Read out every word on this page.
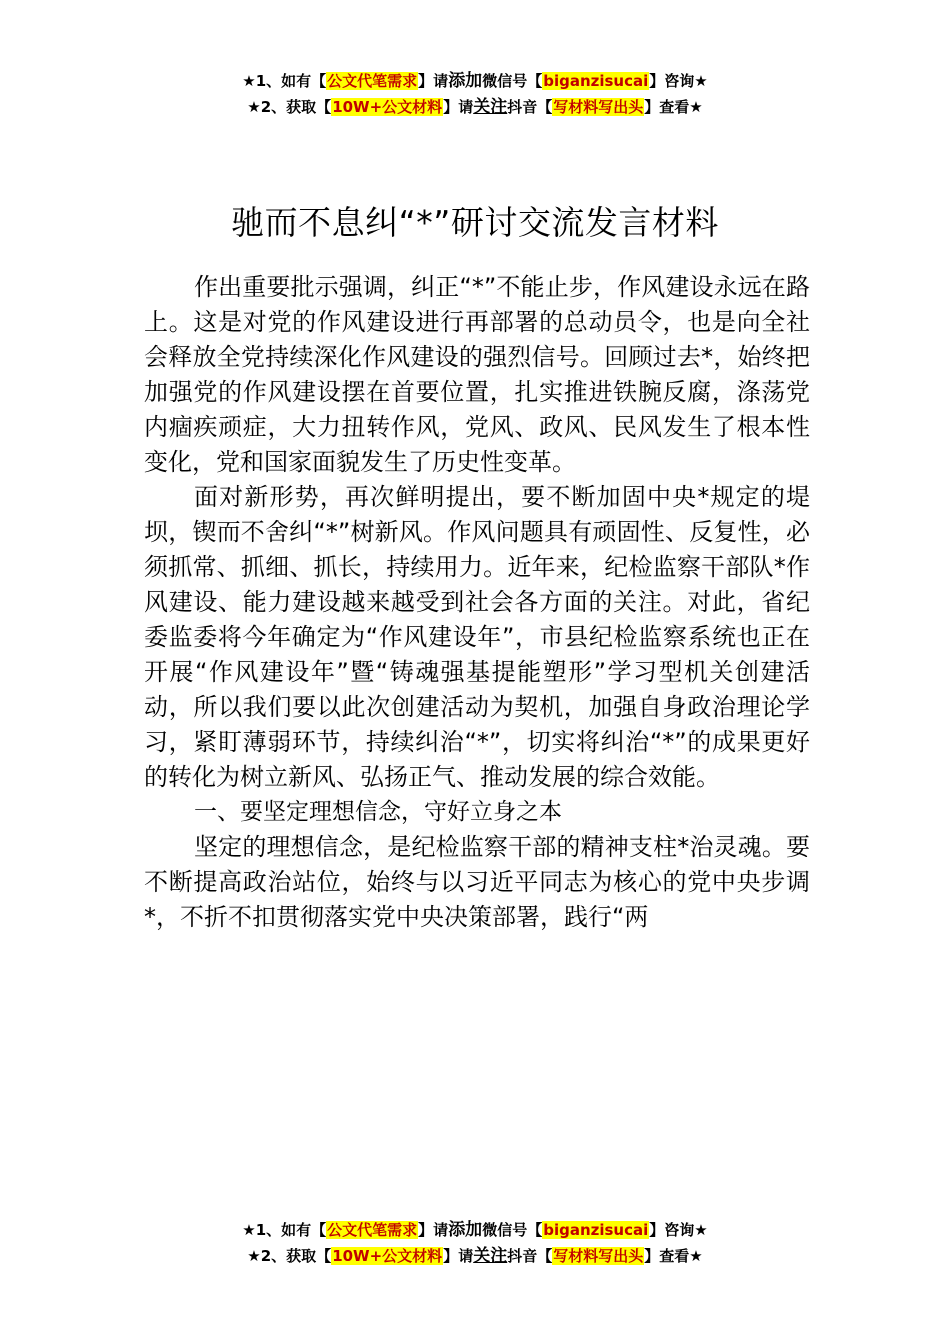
★1、如有【公文代笔需求】请添加微信号【biganzisucai】咨询★
★2、获取【10W+公文材料】请关注抖音【写材料写出头】查看★
驰而不息纠“*”研讨交流发言材料

作出重要批示强调，纠正“*”不能止步，作风建设永远在路上。这是对党的作风建设进行再部署的总动员令，也是向全社会释放全党持续深化作风建设的强烈信号。回顾过去*，始终把加强党的作风建设摆在首要位置，扎实推进铁腕反腐，涤荡党内痼疾顽症，大力扭转作风，党风、政风、民风发生了根本性变化，党和国家面貌发生了历史性变革。

面对新形势，再次鲜明提出，要不断加固中央*规定的堤坝，锲而不舍纠“*”树新风。作风问题具有顽固性、反复性，必须抓常、抓细、抓长，持续用力。近年来，纪检监察干部队*作风建设、能力建设越来越受到社会各方面的关注。对此，省纪委监委将今年确定为“作风建设年”，市县纪检监察系统也正在开展“作风建设年”暨“铸魂强基提能塑形”学习型机关创建活动，所以我们要以此次创建活动为契机，加强自身政治理论学习，紧盯薄弱环节，持续纠治“*”，切实将纠治“*”的成果更好的转化为树立新风、弘扬正气、推动发展的综合效能。

一、要坚定理想信念，守好立身之本

坚定的理想信念，是纪检监察干部的精神支柱*治灵魂。要不断提高政治站位，始终与以习近平同志为核心的党中央步调*，不折不扣贯彻落实党中央决策部署，践行“两

★1、如有【公文代笔需求】请添加微信号【biganzisucai】咨询★
★2、获取【10W+公文材料】请关注抖音【写材料写出头】查看★
